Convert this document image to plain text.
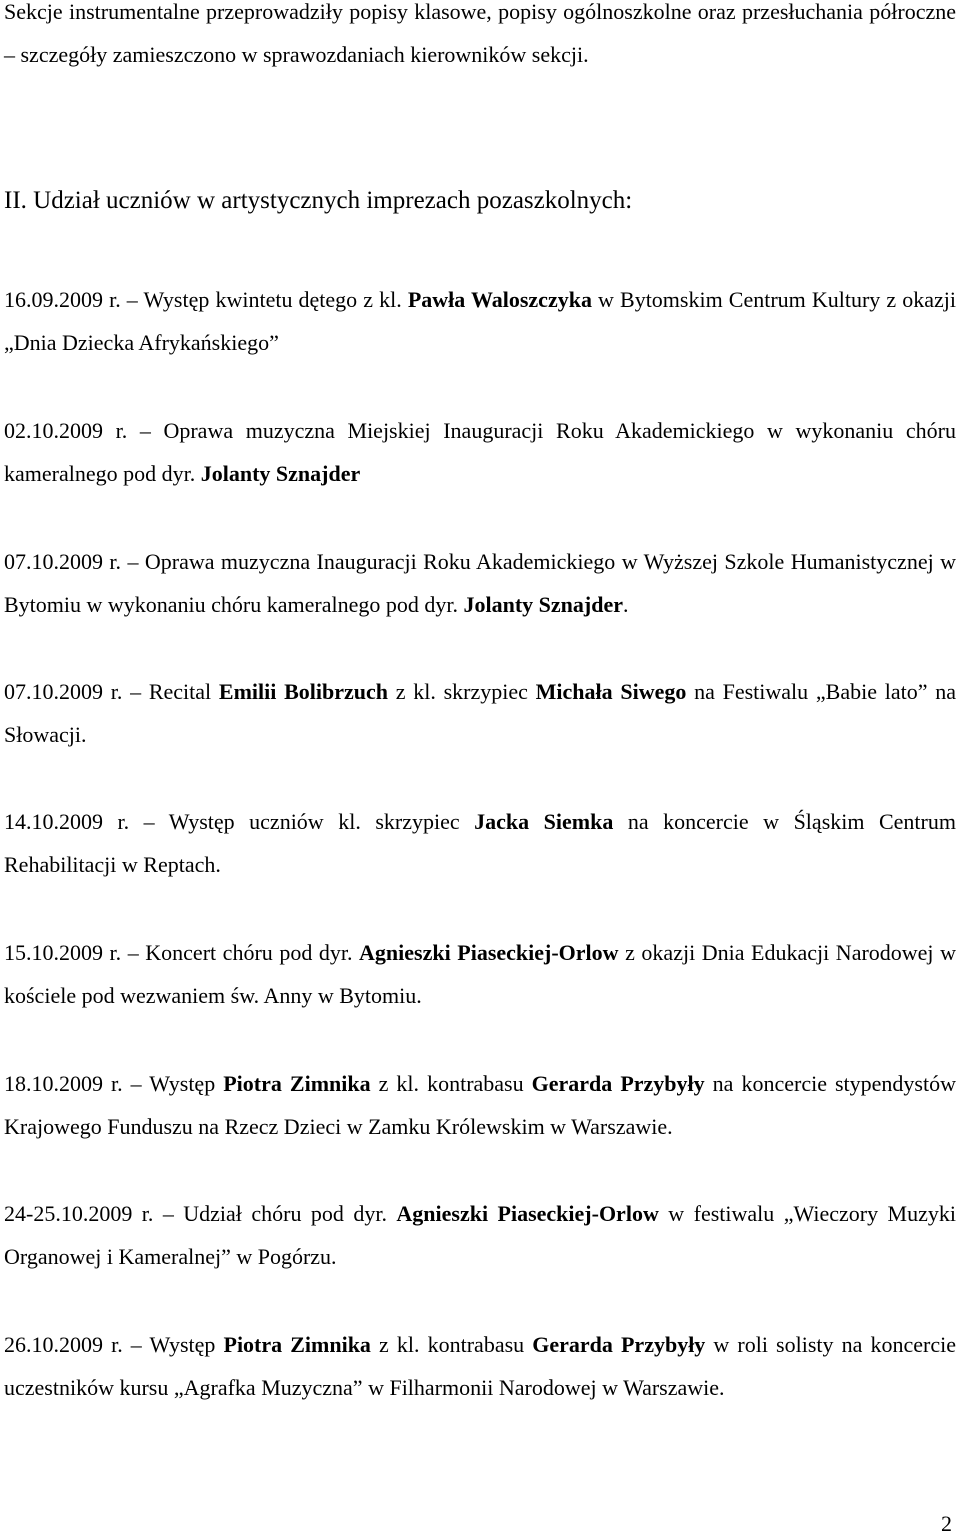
Sekcje instrumentalne przeprowadziły popisy klasowe, popisy ogólnoszkolne oraz przesłuchania półroczne – szczegóły zamieszczono w sprawozdaniach kierowników sekcji.

II. Udział uczniów w artystycznych imprezach pozaszkolnych:

16.09.2009 r. – Występ kwintetu dętego z kl. Pawła Waloszczyka w Bytomskim Centrum Kultury z okazji „Dnia Dziecka Afrykańskiego”

02.10.2009 r. – Oprawa muzyczna Miejskiej Inauguracji Roku Akademickiego w wykonaniu chóru kameralnego pod dyr. Jolanty Sznajder

07.10.2009 r. – Oprawa muzyczna Inauguracji Roku Akademickiego w Wyższej Szkole Humanistycznej w Bytomiu w wykonaniu chóru kameralnego pod dyr. Jolanty Sznajder.

07.10.2009 r. – Recital Emilii Bolibrzuch z kl. skrzypiec Michała Siwego na Festiwalu „Babie lato” na Słowacji.

14.10.2009 r. – Występ uczniów kl. skrzypiec Jacka Siemka na koncercie w Śląskim Centrum Rehabilitacji w Reptach.

15.10.2009 r. – Koncert chóru pod dyr. Agnieszki Piaseckiej-Orlow z okazji Dnia Edukacji Narodowej w kościele pod wezwaniem św. Anny w Bytomiu.

18.10.2009 r. – Występ Piotra Zimnika z kl. kontrabasu Gerarda Przybyły na koncercie stypendystów Krajowego Funduszu na Rzecz Dzieci w Zamku Królewskim w Warszawie.

24-25.10.2009 r. – Udział chóru pod dyr. Agnieszki Piaseckiej-Orlow w festiwalu „Wieczory Muzyki Organowej i Kameralnej” w Pogórzu.

26.10.2009 r. – Występ Piotra Zimnika z kl. kontrabasu Gerarda Przybyły w roli solisty na koncercie uczestników kursu „Agrafka Muzyczna” w Filharmonii Narodowej w Warszawie.

2
